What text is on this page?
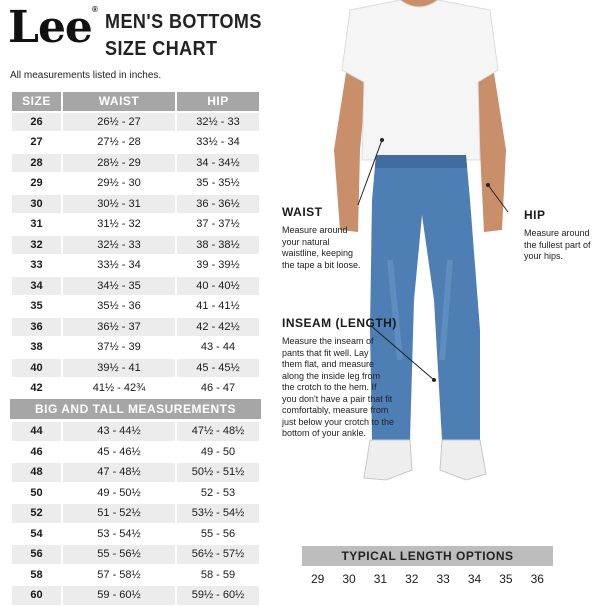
Lee®
MEN'S BOTTOMS
SIZE CHART
All measurements listed in inches.
SIZE	WAIST	HIP
26	26½ - 27	32½ - 33
27	27½ - 28	33½ - 34
28	28½ - 29	34 - 34½
29	29½ - 30	35 - 35½
30	30½ - 31	36 - 36½
31	31½ - 32	37 - 37½
32	32½ - 33	38 - 38½
33	33½ - 34	39 - 39½
34	34½ - 35	40 - 40½
35	35½ - 36	41 - 41½
36	36½ - 37	42 - 42½
38	37½ - 39	43 - 44
40	39½ - 41	45 - 45½
42	41½ - 42¾	46 - 47
BIG AND TALL MEASUREMENTS
44	43 - 44½	47½ - 48½
46	45 - 46½	49 - 50
48	47 - 48½	50½ - 51½
50	49 - 50½	52 - 53
52	51 - 52½	53½ - 54½
54	53 - 54½	55 - 56
56	55 - 56½	56½ - 57½
58	57 - 58½	58 - 59
60	59 - 60½	59½ - 60½
WAIST
Measure around
your natural
waistline, keeping
the tape a bit loose.
HIP
Measure around
the fullest part of
your hips.
INSEAM (LENGTH)
Measure the inseam of
pants that fit well. Lay
them flat, and measure
along the inside leg from
the crotch to the hem. If
you don't have a pair that fit
comfortably, measure from
just below your crotch to the
bottom of your ankle.
TYPICAL LENGTH OPTIONS
29	30	31	32	33	34	35	36
